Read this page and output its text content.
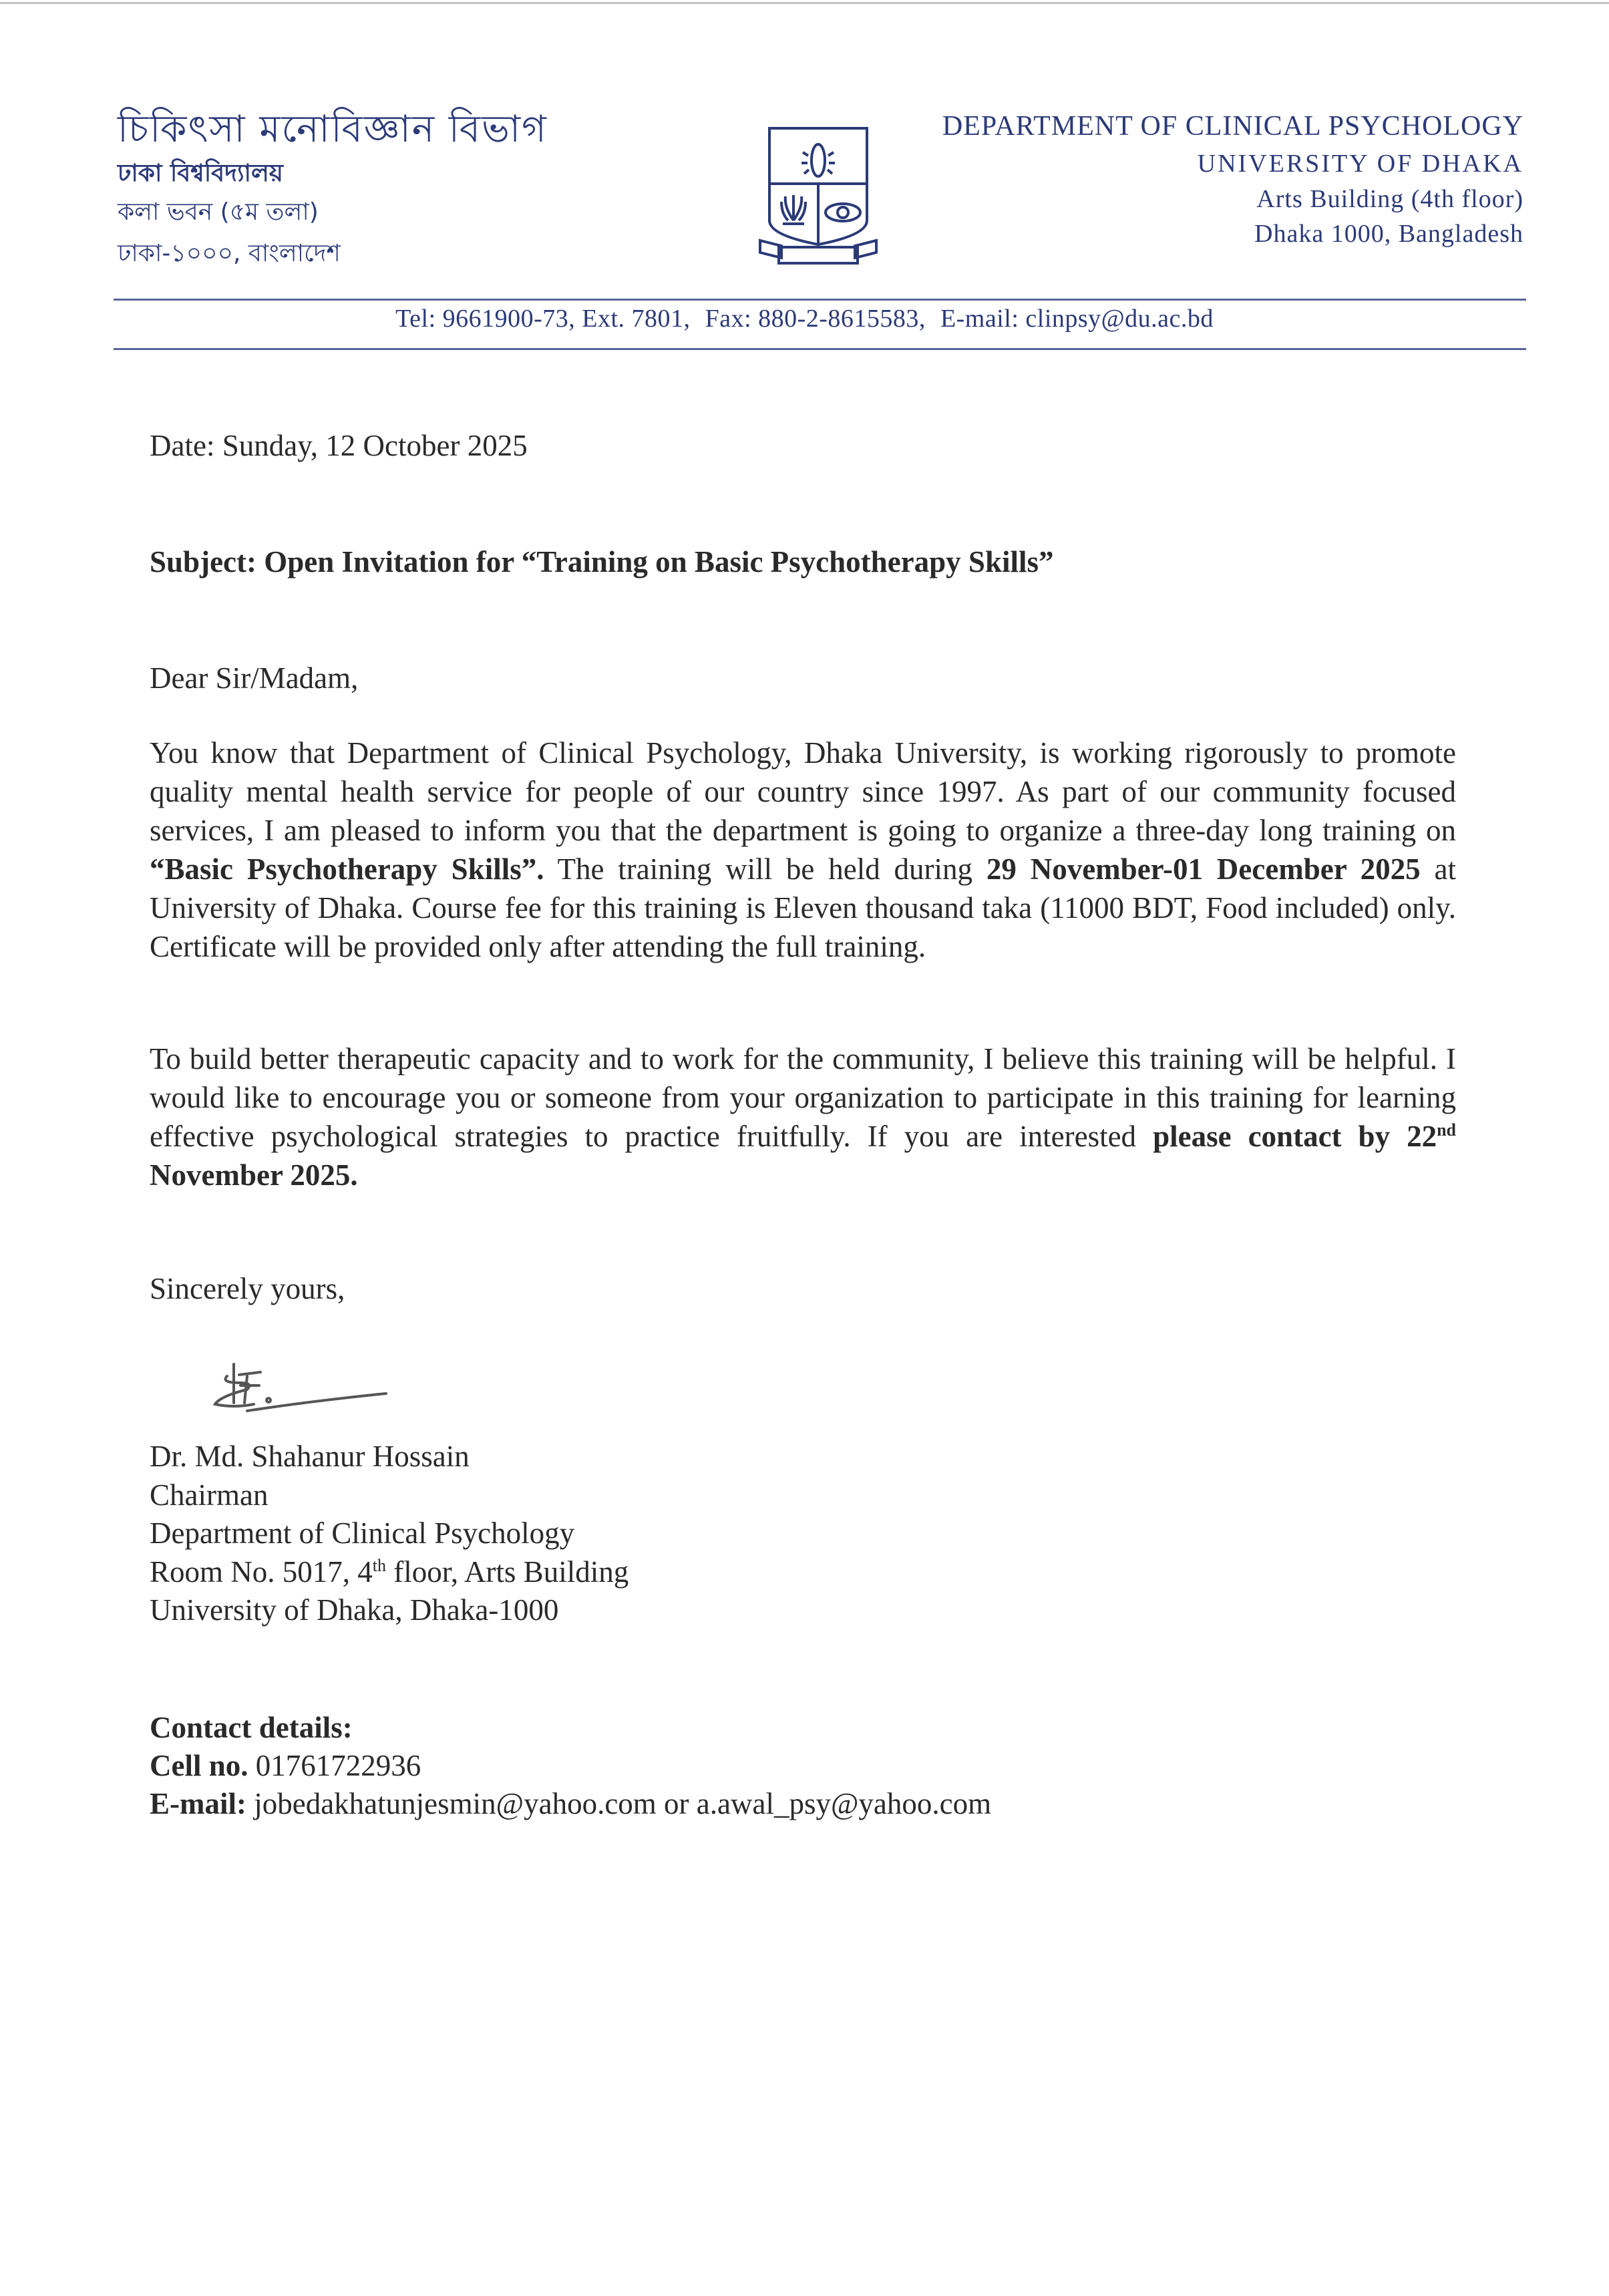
চিকিৎসা মনোবিজ্ঞান বিভাগ
ঢাকা বিশ্ববিদ্যালয়
কলা ভবন (৫ম তলা)
ঢাকা-১০০০, বাংলাদেশ
DEPARTMENT OF CLINICAL PSYCHOLOGY
UNIVERSITY OF DHAKA
Arts Building (4th floor)
Dhaka 1000, Bangladesh
Tel: 9661900-73, Ext. 7801, Fax: 880-2-8615583, E-mail: clinpsy@du.ac.bd
Date: Sunday, 12 October 2025
Subject: Open Invitation for “Training on Basic Psychotherapy Skills”
Dear Sir/Madam,
You know that Department of Clinical Psychology, Dhaka University, is working rigorously to promote quality mental health service for people of our country since 1997. As part of our community focused services, I am pleased to inform you that the department is going to organize a three-day long training on “Basic Psychotherapy Skills”. The training will be held during 29 November-01 December 2025 at University of Dhaka. Course fee for this training is Eleven thousand taka (11000 BDT, Food included) only. Certificate will be provided only after attending the full training.
To build better therapeutic capacity and to work for the community, I believe this training will be helpful. I would like to encourage you or someone from your organization to participate in this training for learning effective psychological strategies to practice fruitfully. If you are interested please contact by 22nd November 2025.
Sincerely yours,
Dr. Md. Shahanur Hossain
Chairman
Department of Clinical Psychology
Room No. 5017, 4th floor, Arts Building
University of Dhaka, Dhaka-1000
Contact details:
Cell no. 01761722936
E-mail: jobedakhatunjesmin@yahoo.com or a.awal_psy@yahoo.com
